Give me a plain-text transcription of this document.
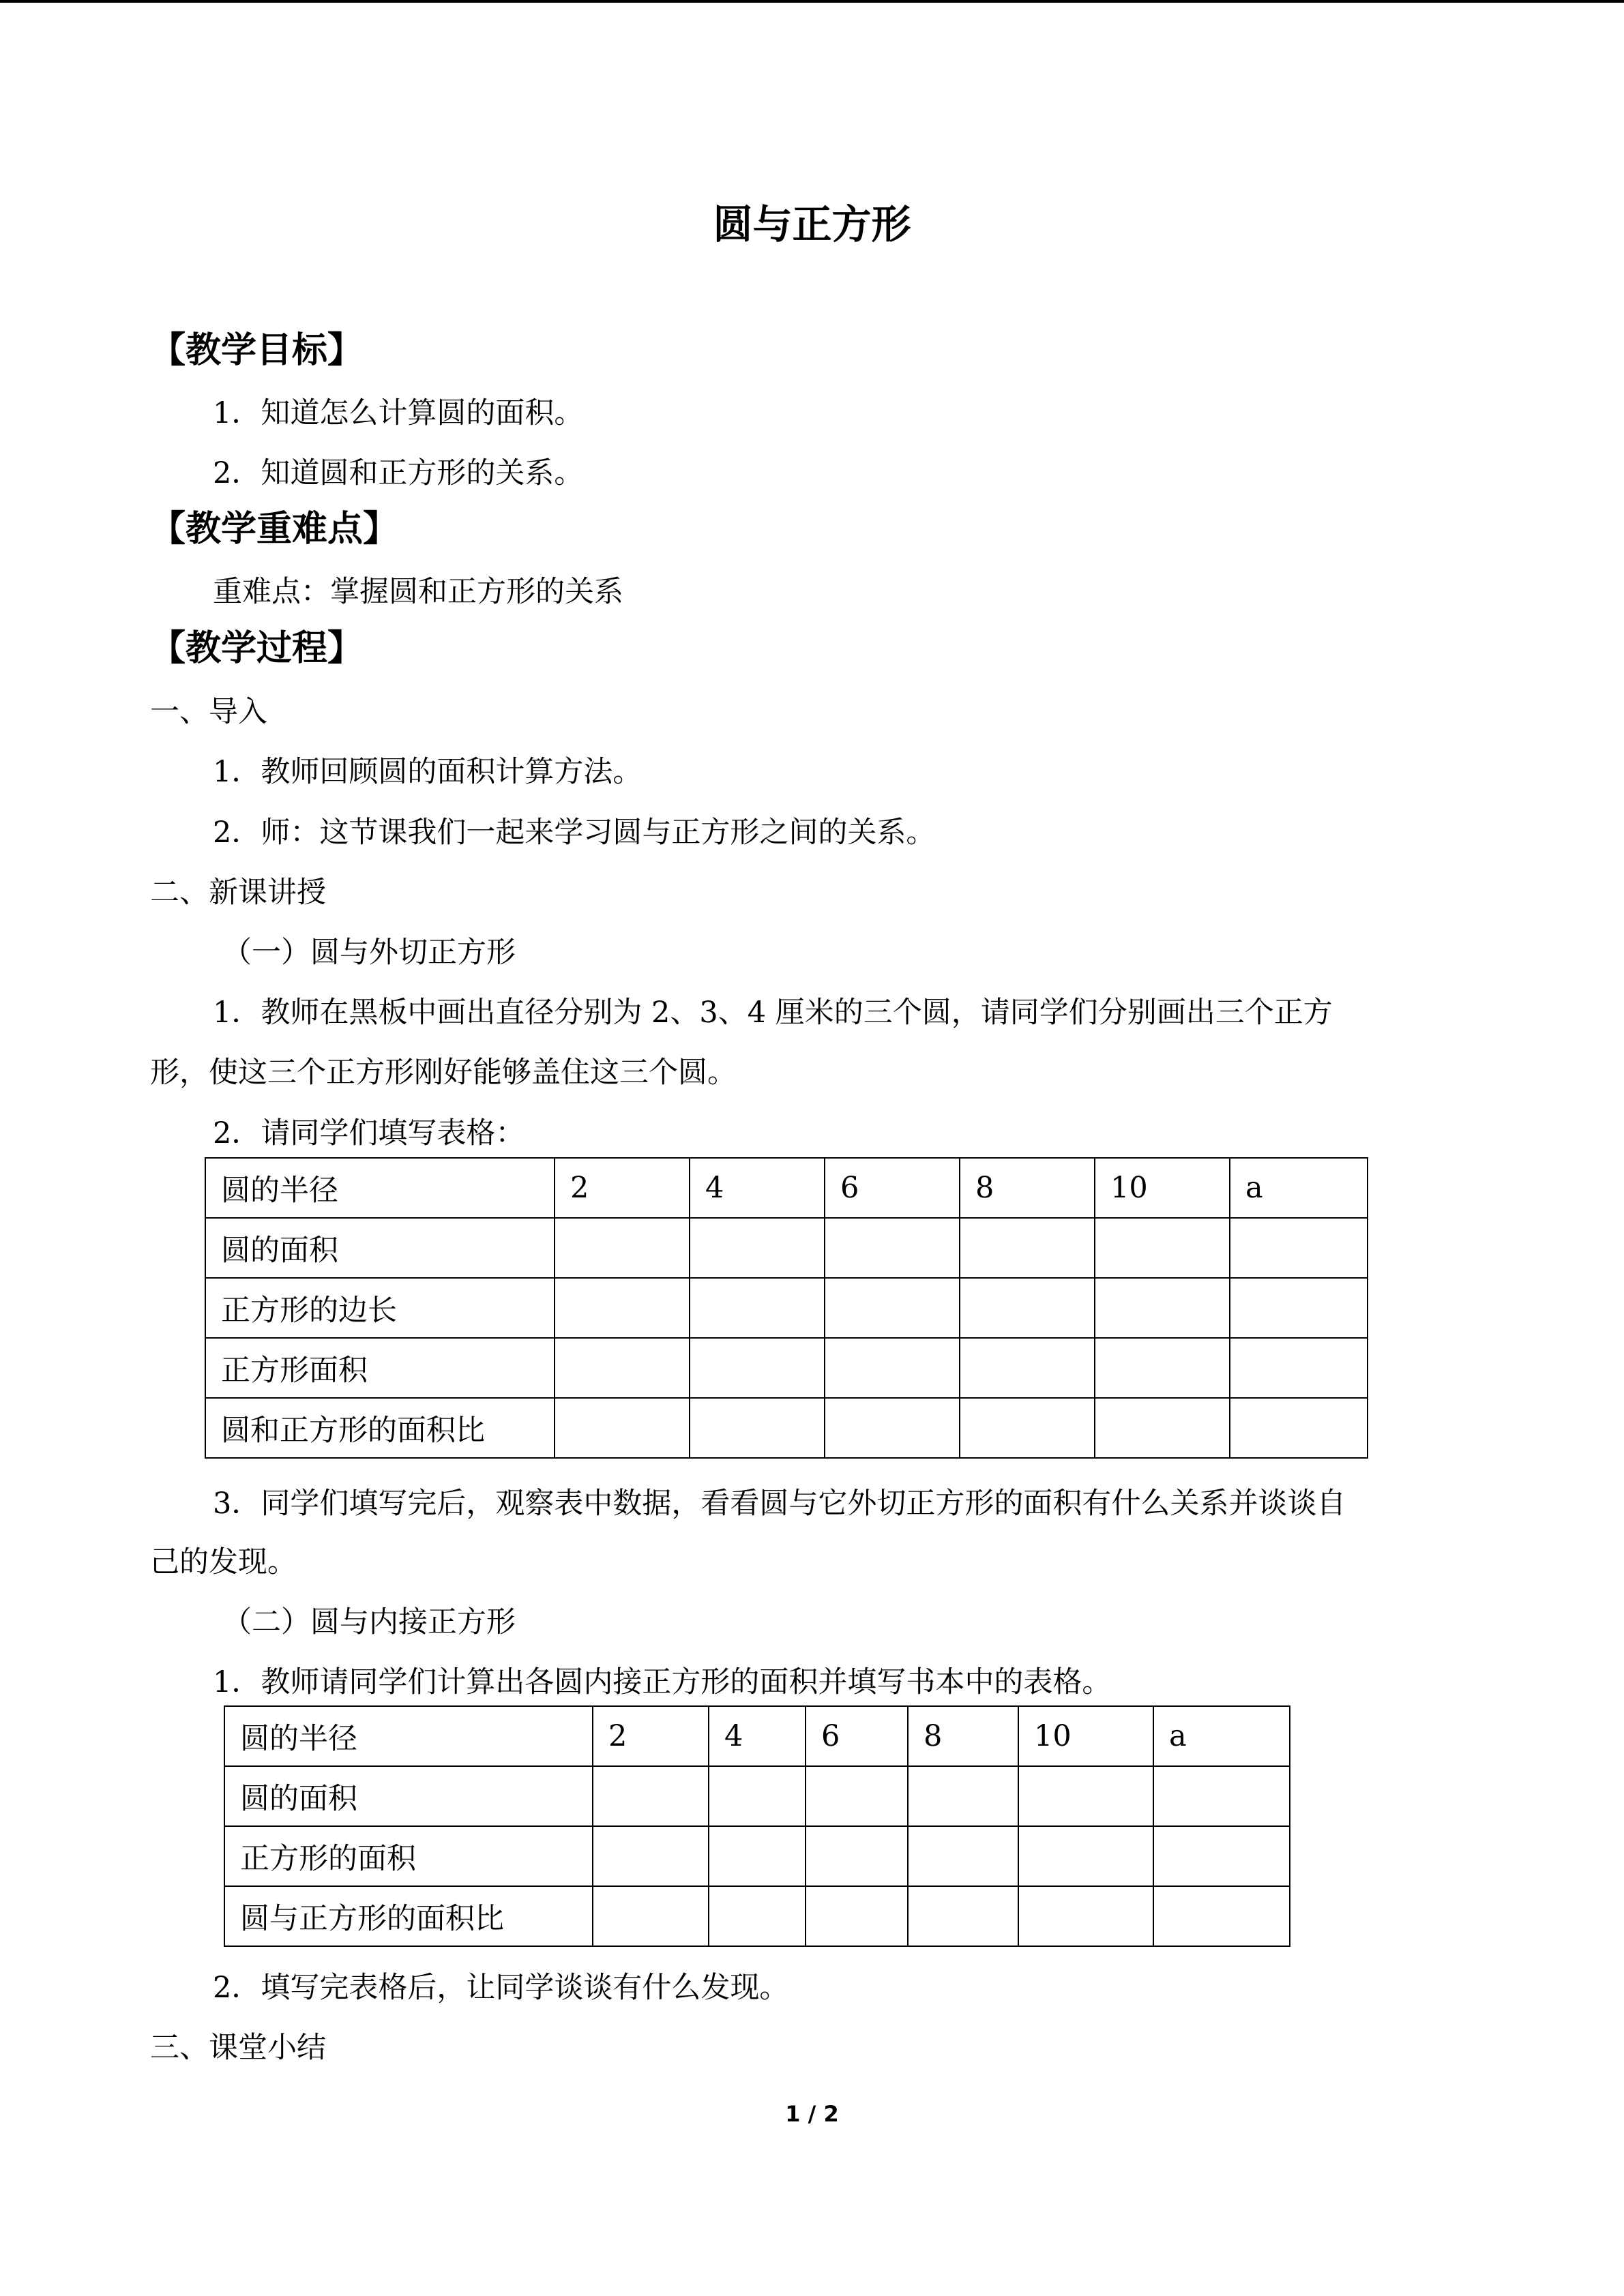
圆与正方形
【教学目标】
1．知道怎么计算圆的面积。
2．知道圆和正方形的关系。
【教学重难点】
重难点：掌握圆和正方形的关系
【教学过程】
一、导入
1．教师回顾圆的面积计算方法。
2．师：这节课我们一起来学习圆与正方形之间的关系。
二、新课讲授
（一）圆与外切正方形
1．教师在黑板中画出直径分别为 2、3、4 厘米的三个圆，请同学们分别画出三个正方
形，使这三个正方形刚好能够盖住这三个圆。
2．请同学们填写表格：
圆的半径	2	4	6	8	10	a
圆的面积						
正方形的边长						
正方形面积						
圆和正方形的面积比						
3．同学们填写完后，观察表中数据，看看圆与它外切正方形的面积有什么关系并谈谈自
己的发现。
（二）圆与内接正方形
1．教师请同学们计算出各圆内接正方形的面积并填写书本中的表格。
圆的半径	2	4	6	8	10	a
圆的面积						
正方形的面积						
圆与正方形的面积比						
2．填写完表格后，让同学谈谈有什么发现。
三、课堂小结
1 / 2
